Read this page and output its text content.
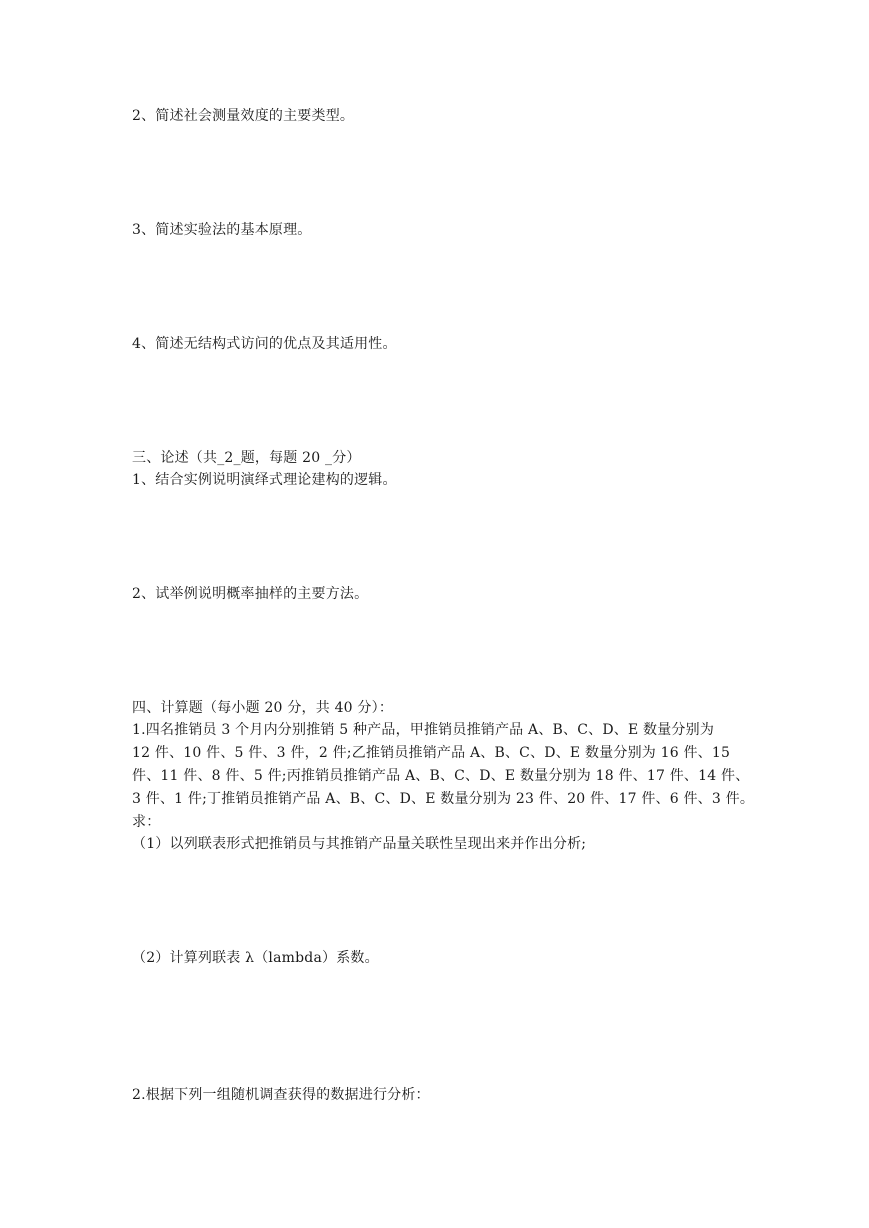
2、简述社会测量效度的主要类型。
3、简述实验法的基本原理。
4、简述无结构式访问的优点及其适用性。
三、论述（共_2_题，每题 20 _分）
1、结合实例说明演绎式理论建构的逻辑。
2、试举例说明概率抽样的主要方法。
四、计算题（每小题 20 分，共 40 分）：
1.四名推销员 3 个月内分别推销 5 种产品，甲推销员推销产品 A、B、C、D、E 数量分别为
12 件、10 件、5 件、3 件，2 件;乙推销员推销产品 A、B、C、D、E 数量分别为 16 件、15
件、11 件、8 件、5 件;丙推销员推销产品 A、B、C、D、E 数量分别为 18 件、17 件、14 件、
3 件、1 件;丁推销员推销产品 A、B、C、D、E 数量分别为 23 件、20 件、17 件、6 件、3 件。
求：
（1）以列联表形式把推销员与其推销产品量关联性呈现出来并作出分析;
（2）计算列联表 λ（lambda）系数。
2.根据下列一组随机调查获得的数据进行分析：
